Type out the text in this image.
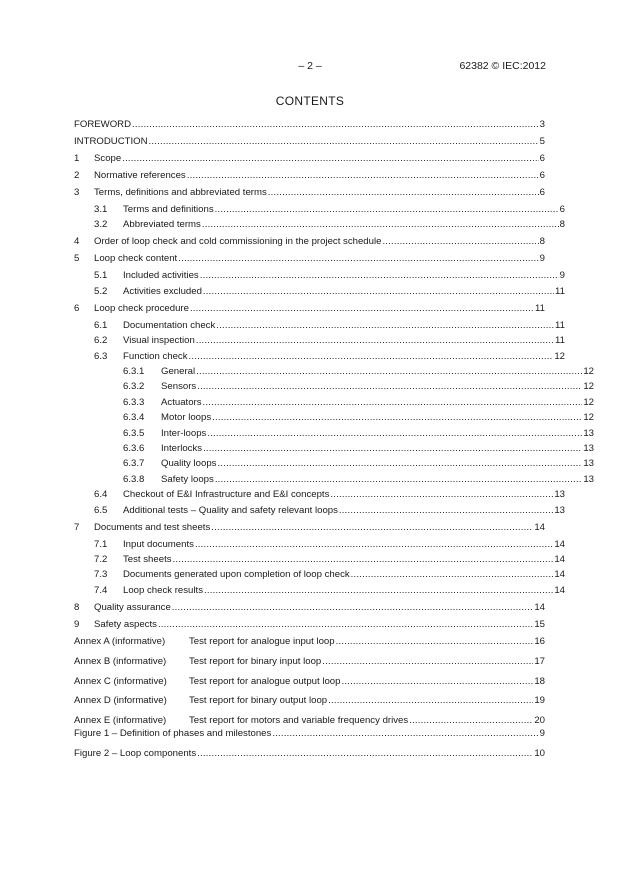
– 2 –	62382 © IEC:2012
CONTENTS
FOREWORD .....	3
INTRODUCTION .....	5
1	Scope .....	6
2	Normative references .....	6
3	Terms, definitions and abbreviated terms .....	6
3.1	Terms and definitions .....	6
3.2	Abbreviated terms .....	8
4	Order of loop check and cold commissioning in the project schedule .....	8
5	Loop check content .....	9
5.1	Included activities .....	9
5.2	Activities excluded .....	11
6	Loop check procedure .....	11
6.1	Documentation check .....	11
6.2	Visual inspection .....	11
6.3	Function check .....	12
6.3.1	General .....	12
6.3.2	Sensors .....	12
6.3.3	Actuators .....	12
6.3.4	Motor loops .....	12
6.3.5	Inter-loops .....	13
6.3.6	Interlocks .....	13
6.3.7	Quality loops .....	13
6.3.8	Safety loops .....	13
6.4	Checkout of E&I Infrastructure and E&I concepts .....	13
6.5	Additional tests – Quality and safety relevant loops .....	13
7	Documents and test sheets .....	14
7.1	Input documents .....	14
7.2	Test sheets .....	14
7.3	Documents generated upon completion of loop check .....	14
7.4	Loop check results .....	14
8	Quality assurance .....	14
9	Safety aspects .....	15
Annex A (informative)	Test report for analogue input loop .....	16
Annex B (informative)	Test report for binary input loop .....	17
Annex C (informative)	Test report for analogue output loop .....	18
Annex D (informative)	Test report for binary output loop .....	19
Annex E (informative)	Test report for motors and variable frequency drives .....	20
Figure 1 – Definition of phases and milestones .....	9
Figure 2 – Loop components .....	10
